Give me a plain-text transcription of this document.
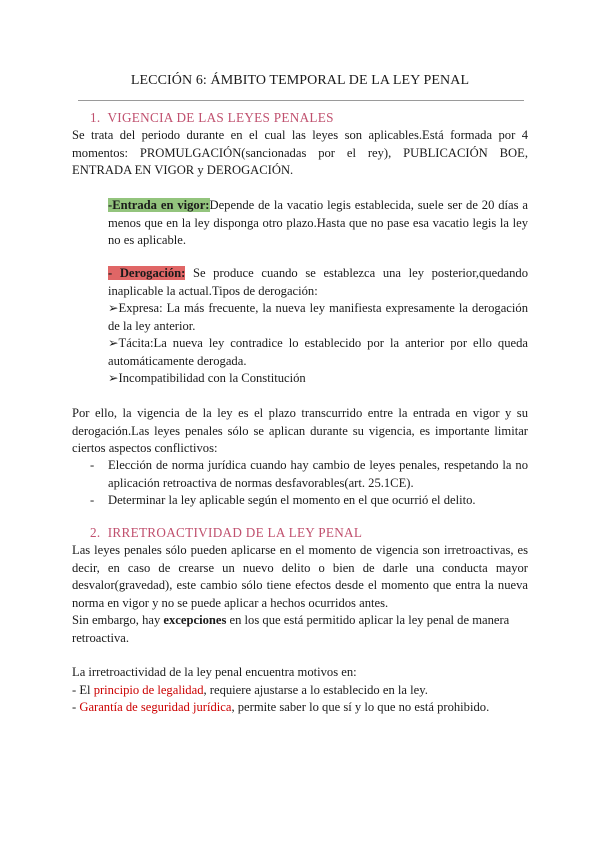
LECCIÓN 6: ÁMBITO TEMPORAL DE LA LEY PENAL
1. VIGENCIA DE LAS LEYES PENALES

Se trata del periodo durante en el cual las leyes son aplicables.Está formada por 4 momentos: PROMULGACIÓN(sancionadas por el rey), PUBLICACIÓN BOE, ENTRADA EN VIGOR y DEROGACIÓN.

-Entrada en vigor:Depende de la vacatio legis establecida, suele ser de 20 días a menos que en la ley disponga otro plazo.Hasta que no pase esa vacatio legis la ley no es aplicable.

- Derogación: Se produce cuando se establezca una ley posterior,quedando inaplicable la actual.Tipos de derogación:

➢Expresa: La más frecuente, la nueva ley manifiesta expresamente la derogación de la ley anterior.

➢Tácita:La nueva ley contradice lo establecido por la anterior por ello queda automáticamente derogada.

➢Incompatibilidad con la Constitución

Por ello, la vigencia de la ley es el plazo transcurrido entre la entrada en vigor y su derogación.Las leyes penales sólo se aplican durante su vigencia, es importante limitar ciertos aspectos conflictivos:

- Elección de norma jurídica cuando hay cambio de leyes penales, respetando la no aplicación retroactiva de normas desfavorables(art. 25.1CE).
- Determinar la ley aplicable según el momento en el que ocurrió el delito.
2. IRRETROACTIVIDAD DE LA LEY PENAL

Las leyes penales sólo pueden aplicarse en el momento de vigencia son irretroactivas, es decir, en caso de crearse un nuevo delito o bien de darle una conducta mayor desvalor(gravedad), este cambio sólo tiene efectos desde el momento que entra la nueva norma en vigor y no se puede aplicar a hechos ocurridos antes.

Sin embargo, hay excepciones en los que está permitido aplicar la ley penal de manera retroactiva.

La irretroactividad de la ley penal encuentra motivos en:

- El principio de legalidad, requiere ajustarse a lo establecido en la ley.

- Garantía de seguridad jurídica, permite saber lo que sí y lo que no está prohibido.
